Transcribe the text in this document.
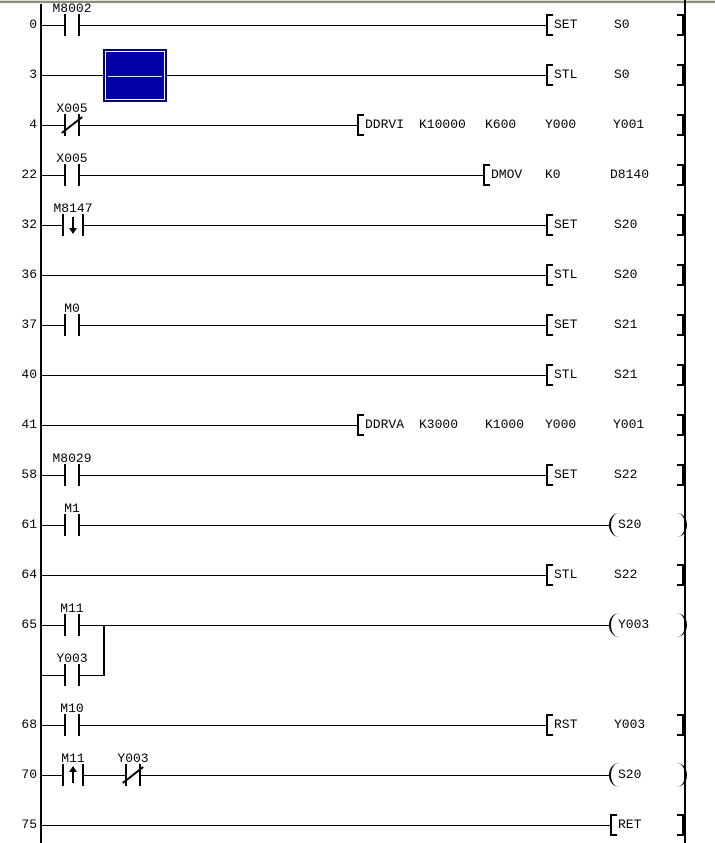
0
M8002
SET	S0
3	STL	S0
4
X005
DDRVI K10000 K600 Y000	Y001
22
X005
DMOV K0	D8140
32
M8147
SET	S20
36	STL	S20
37
M0
SET	S21
40	STL	S21
41	DDRVA K3000 K1000 Y000	Y001
58
M8029
SET	S22
61
M1
S20
64	STL	S22
65
M11
Y003
Y003
68
M10
RST	Y003
70
M11	Y003
S20
75	RET
